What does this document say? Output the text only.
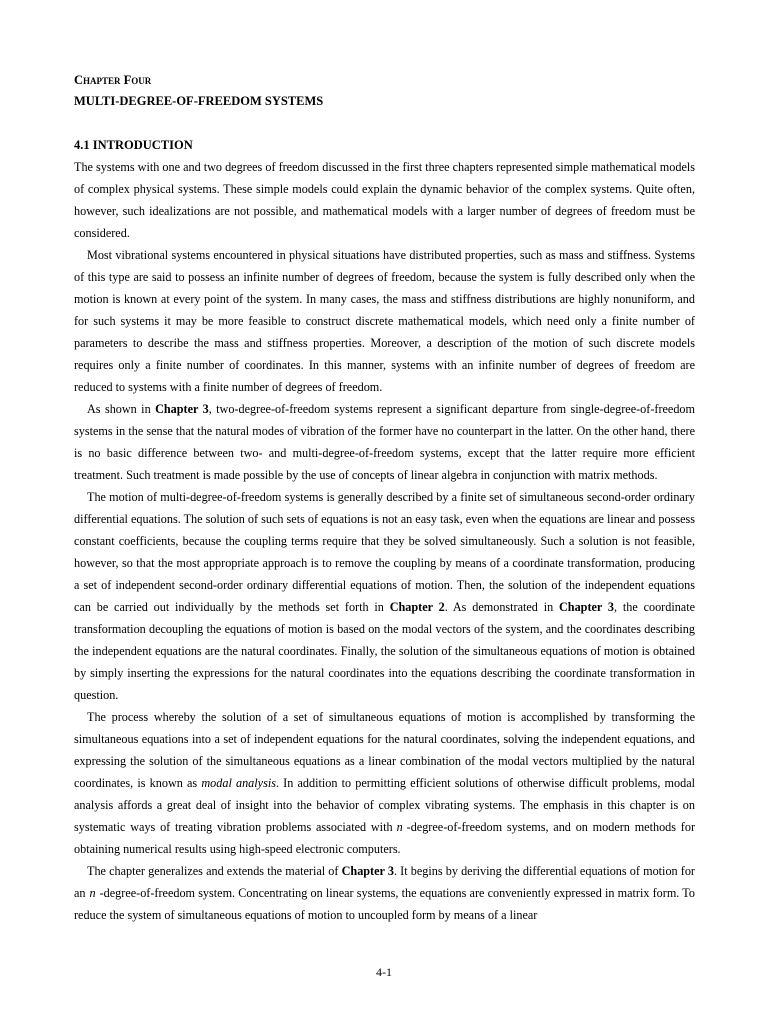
Chapter Four
MULTI-DEGREE-OF-FREEDOM SYSTEMS
4.1 INTRODUCTION

The systems with one and two degrees of freedom discussed in the first three chapters represented simple mathematical models of complex physical systems. These simple models could explain the dynamic behavior of the complex systems. Quite often, however, such idealizations are not possible, and mathematical models with a larger number of degrees of freedom must be considered.

Most vibrational systems encountered in physical situations have distributed properties, such as mass and stiffness. Systems of this type are said to possess an infinite number of degrees of freedom, because the system is fully described only when the motion is known at every point of the system. In many cases, the mass and stiffness distributions are highly nonuniform, and for such systems it may be more feasible to construct discrete mathematical models, which need only a finite number of parameters to describe the mass and stiffness properties. Moreover, a description of the motion of such discrete models requires only a finite number of coordinates. In this manner, systems with an infinite number of degrees of freedom are reduced to systems with a finite number of degrees of freedom.

As shown in Chapter 3, two-degree-of-freedom systems represent a significant departure from single-degree-of-freedom systems in the sense that the natural modes of vibration of the former have no counterpart in the latter. On the other hand, there is no basic difference between two- and multi-degree-of-freedom systems, except that the latter require more efficient treatment. Such treatment is made possible by the use of concepts of linear algebra in conjunction with matrix methods.

The motion of multi-degree-of-freedom systems is generally described by a finite set of simultaneous second-order ordinary differential equations. The solution of such sets of equations is not an easy task, even when the equations are linear and possess constant coefficients, because the coupling terms require that they be solved simultaneously. Such a solution is not feasible, however, so that the most appropriate approach is to remove the coupling by means of a coordinate transformation, producing a set of independent second-order ordinary differential equations of motion. Then, the solution of the independent equations can be carried out individually by the methods set forth in Chapter 2. As demonstrated in Chapter 3, the coordinate transformation decoupling the equations of motion is based on the modal vectors of the system, and the coordinates describing the independent equations are the natural coordinates. Finally, the solution of the simultaneous equations of motion is obtained by simply inserting the expressions for the natural coordinates into the equations describing the coordinate transformation in question.

The process whereby the solution of a set of simultaneous equations of motion is accomplished by transforming the simultaneous equations into a set of independent equations for the natural coordinates, solving the independent equations, and expressing the solution of the simultaneous equations as a linear combination of the modal vectors multiplied by the natural coordinates, is known as modal analysis. In addition to permitting efficient solutions of otherwise difficult problems, modal analysis affords a great deal of insight into the behavior of complex vibrating systems. The emphasis in this chapter is on systematic ways of treating vibration problems associated with n -degree-of-freedom systems, and on modern methods for obtaining numerical results using high-speed electronic computers.

The chapter generalizes and extends the material of Chapter 3. It begins by deriving the differential equations of motion for an n -degree-of-freedom system. Concentrating on linear systems, the equations are conveniently expressed in matrix form. To reduce the system of simultaneous equations of motion to uncoupled form by means of a linear

4-1
